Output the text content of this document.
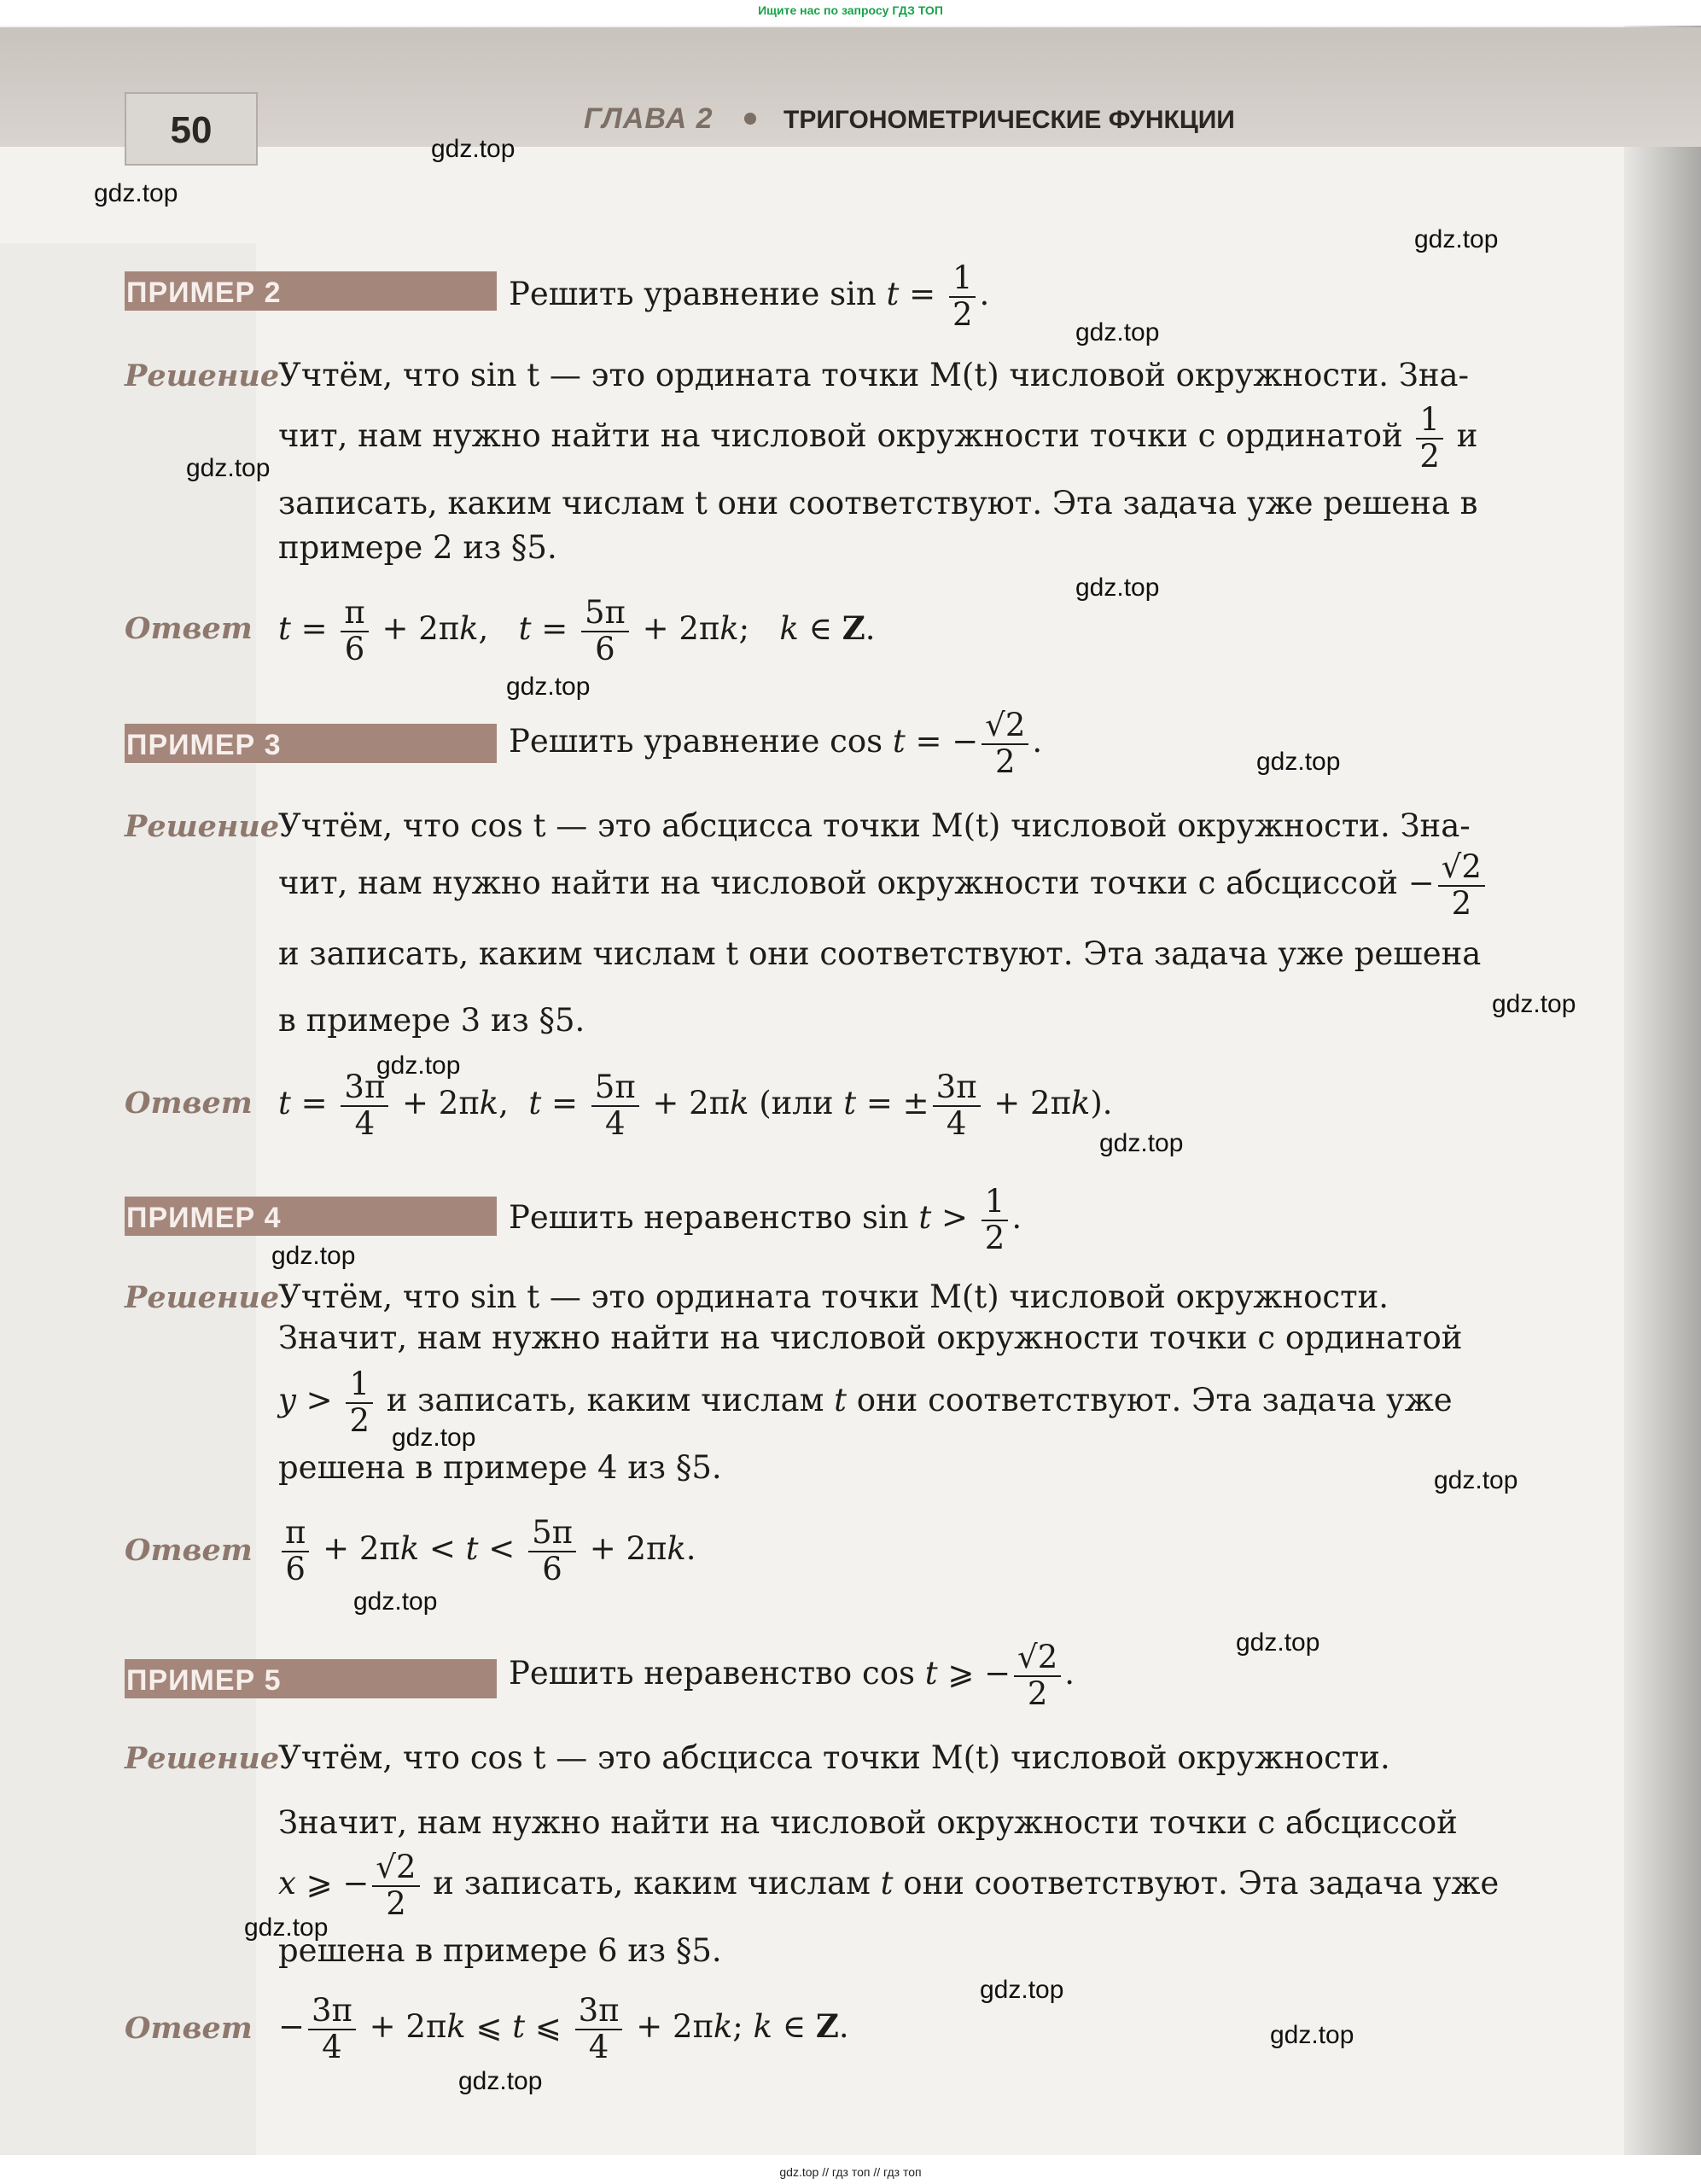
Ищите нас по запросу ГДЗ ТОП
50	ГЛАВА 2	ТРИГОНОМЕТРИЧЕСКИЕ ФУНКЦИИ
gdz.top
gdz.top
gdz.top
gdz.top
gdz.top
gdz.top
gdz.top
gdz.top
gdz.top
gdz.top
gdz.top
gdz.top
gdz.top
gdz.top
gdz.top
gdz.top
gdz.top
gdz.top
gdz.top
gdz.top
ПРИМЕР 2	Решить уравнение $\sin t = \frac{1}{2}$ .
Решение
Учтём, что sin t — это ордината точки M(t) числовой окружности. Зна-
чит, нам нужно найти на числовой окружности точки с ординатой $\frac{1}{2}$ и
записать, каким числам t они соответствуют. Эта задача уже решена в
примере 2 из §5.
Ответ $t = \frac{\pi}{6} + 2\pi k$,   $t = \frac{5\pi}{6} + 2\pi k$;   k ∈ Z.
ПРИМЕР 3	Решить уравнение cos t = − $\frac{√2}{2}$ .
Решение
Учтём, что cos t — это абсцисса точки M(t) числовой окружности. Зна-
чит, нам нужно найти на числовой окружности точки с абсциссой − $\frac{√2}{2}$
и записать, каким числам t они соответствуют. Эта задача уже решена
в примере 3 из §5.
Ответ $t = \frac{3\pi}{4} + 2\pi k$,  $t = \frac{5\pi}{4} + 2\pi k$ (или t = ± $\frac{3\pi}{4} + 2\pi k$).
ПРИМЕР 4	Решить неравенство $\sin t > \frac{1}{2}$ .
Решение
Учтём, что sin t — это ордината точки M(t) числовой окружности.
Значит, нам нужно найти на числовой окружности точки с ординатой
$y > \frac{1}{2}$ и записать, каким числам t они соответствуют. Эта задача уже
решена в примере 4 из §5.
Ответ $\frac{\pi}{6} + 2\pi k < t < \frac{5\pi}{6} + 2\pi k$.
ПРИМЕР 5	Решить неравенство cos t ⩾ − $\frac{√2}{2}$ .
Решение
Учтём, что cos t — это абсцисса точки M(t) числовой окружности.
Значит, нам нужно найти на числовой окружности точки с абсциссой
x ⩾ − $\frac{√2}{2}$ и записать, каким числам t они соответствуют. Эта задача уже
решена в примере 6 из §5.
Ответ − $\frac{3\pi}{4} + 2\pi k$ ⩽ t ⩽ $\frac{3\pi}{4} + 2\pi k$; k ∈ Z.
gdz.top // гдз топ // гдз топ
